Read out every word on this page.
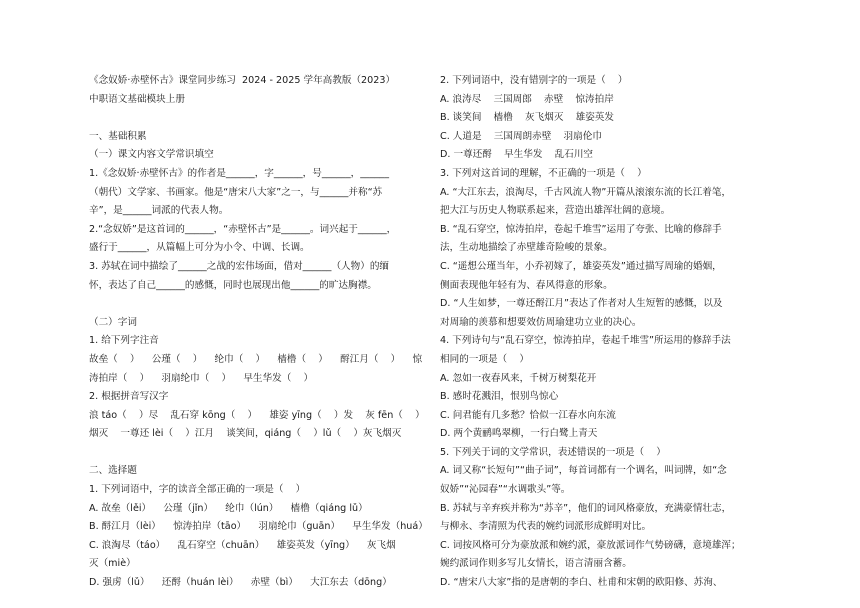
《念奴娇·赤壁怀古》课堂同步练习  2024 - 2025 学年高教版（2023）
中职语文基础模块上册
一、基础积累
（一）课文内容文学常识填空
1.《念奴娇·赤壁怀古》的作者是______，字______，号______，______
（朝代）文学家、书画家。他是“唐宋八大家”之一，与______并称“苏
辛”，是______词派的代表人物。
2.“念奴娇”是这首词的______，“赤壁怀古”是______。词兴起于______，
盛行于______，从篇幅上可分为小令、中调、长调。
3. 苏轼在词中描绘了______之战的宏伟场面，借对______（人物）的缅
怀，表达了自己______的感慨，同时也展现出他______的旷达胸襟。
（二）字词
1. 给下列字注音
故垒（    ）    公瑾（    ）    纶巾（    ）    樯橹（    ）    酹江月（    ）    惊
涛拍岸（    ）    羽扇纶巾（    ）    早生华发（    ）
2. 根据拼音写汉字
浪 táo（    ）尽    乱石穿 kōng（    ）    雄姿 yīng（    ）发    灰 fēn（    ）
烟灭    一尊还 lèi（    ）江月    谈笑间，qiáng（    ）lǔ（    ）灰飞烟灭
二、选择题
1. 下列词语中，字的读音全部正确的一项是（    ）
A. 故垒（lěi）    公瑾（jǐn）    纶巾（lún）    樯橹（qiáng lǔ）
B. 酹江月（lèi）    惊涛拍岸（tāo）    羽扇纶巾（guān）    早生华发（huá）
C. 浪淘尽（táo）    乱石穿空（chuān）    雄姿英发（yīng）    灰飞烟
灭（miè）
D. 强虏（lǔ）    还酹（huán lèi）    赤壁（bì）    大江东去（dōng）
2. 下列词语中，没有错别字的一项是（    ）
A. 浪涛尽    三国周郎    赤壁    惊涛拍岸
B. 谈笑间    樯橹    灰飞烟灭    雄姿英发
C. 人道是    三国周朗赤壁    羽扇伦巾
D. 一尊还酹    早生华发    乱石川空
3. 下列对这首词的理解，不正确的一项是（    ）
A. “大江东去，浪淘尽，千古风流人物”开篇从滚滚东流的长江着笔，
把大江与历史人物联系起来，营造出雄浑壮阔的意境。
B. “乱石穿空，惊涛拍岸，卷起千堆雪”运用了夸张、比喻的修辞手
法，生动地描绘了赤壁雄奇险峻的景象。
C. “遥想公瑾当年，小乔初嫁了，雄姿英发”通过描写周瑜的婚姻，
侧面表现他年轻有为、春风得意的形象。
D. “人生如梦，一尊还酹江月”表达了作者对人生短暂的感慨，以及
对周瑜的羡慕和想要效仿周瑜建功立业的决心。
4. 下列诗句与“乱石穿空，惊涛拍岸，卷起千堆雪”所运用的修辞手法
相同的一项是（    ）
A. 忽如一夜春风来，千树万树梨花开
B. 感时花溅泪，恨别鸟惊心
C. 问君能有几多愁？恰似一江春水向东流
D. 两个黄鹂鸣翠柳，一行白鹭上青天
5. 下列关于词的文学常识，表述错误的一项是（    ）
A. 词又称“长短句”“曲子词”，每首词都有一个调名，叫词牌，如“念
奴娇”“沁园春”“水调歌头”等。
B. 苏轼与辛弃疾并称为“苏辛”，他们的词风格豪放，充满豪情壮志，
与柳永、李清照为代表的婉约词派形成鲜明对比。
C. 词按风格可分为豪放派和婉约派，豪放派词作气势磅礴，意境雄浑；
婉约派词作则多写儿女情长，语言清丽含蓄。
D. “唐宋八大家”指的是唐朝的李白、杜甫和宋朝的欧阳修、苏洵、
